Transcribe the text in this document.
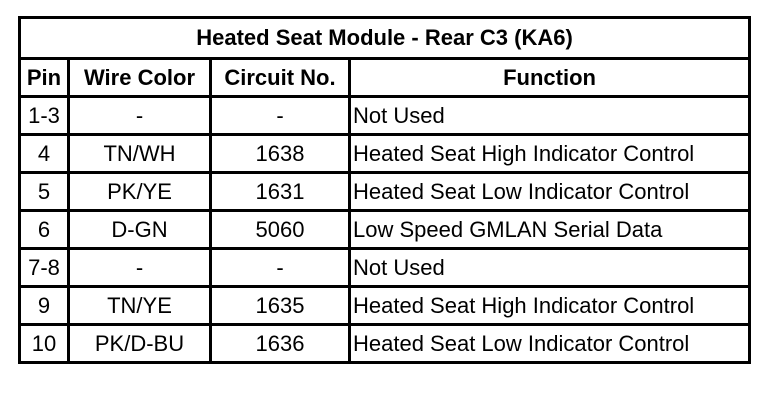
Heated Seat Module - Rear C3 (KA6)			
Pin	Wire Color	Circuit No.	Function
1-3	-	-	Not Used
4	TN/WH	1638	Heated Seat High Indicator Control
5	PK/YE	1631	Heated Seat Low Indicator Control
6	D-GN	5060	Low Speed GMLAN Serial Data
7-8	-	-	Not Used
9	TN/YE	1635	Heated Seat High Indicator Control
10	PK/D-BU	1636	Heated Seat Low Indicator Control
